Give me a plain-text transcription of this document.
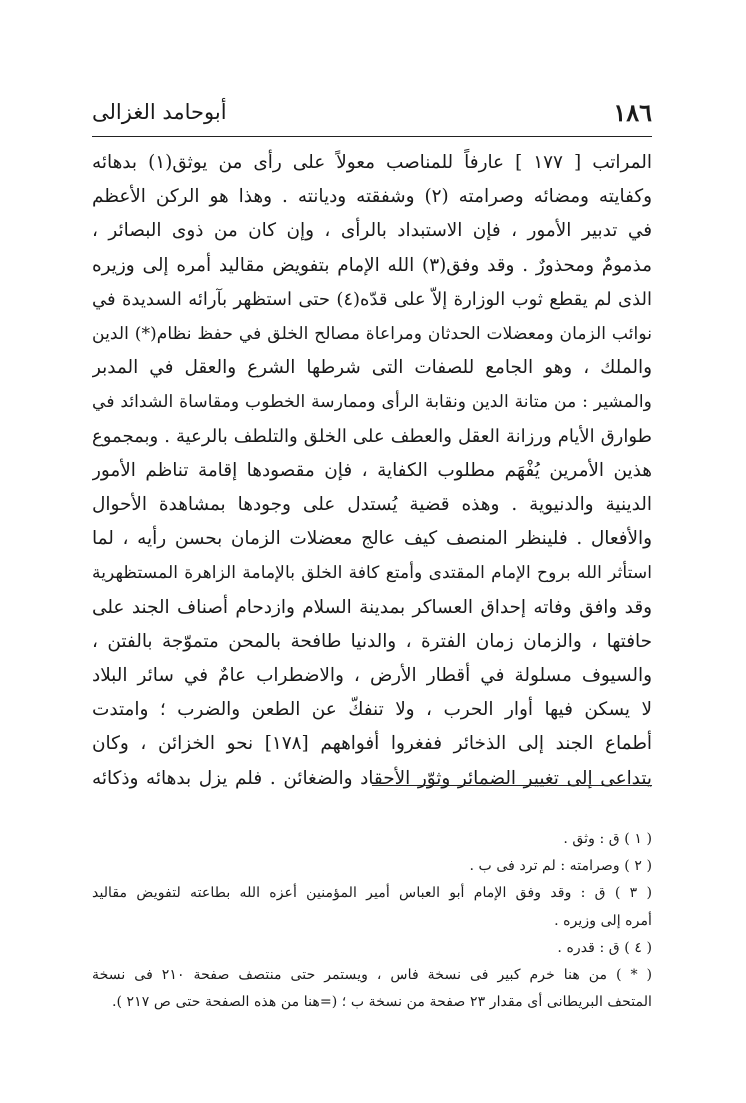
١٨٦
أبوحامد الغزالى
المراتب [ ١٧٧ ] عارفاً للمناصب معولاً على رأى من يوثق(١) بدهائه
وكفايته ومضائه وصرامته (٢) وشفقته وديانته . وهذا هو الركن الأعظم
في تدبير الأمور ، فإن الاستبداد بالرأى ، وإن كان من ذوى البصائر ،
مذمومٌ ومحذورٌ . وقد وفق(٣) الله الإمام بتفويض مقاليد أمره إلى وزيره
الذى لم يقطع ثوب الوزارة إلاّ على قدّه(٤) حتى استظهر بآرائه السديدة في
نوائب الزمان ومعضلات الحدثان ومراعاة مصالح الخلق في حفظ نظام(*) الدين
والملك ، وهو الجامع للصفات التى شرطها الشرع والعقل في المدبر
والمشير : من متانة الدين ونقابة الرأى وممارسة الخطوب ومقاساة الشدائد في
طوارق الأيام ورزانة العقل والعطف على الخلق والتلطف بالرعية . وبمجموع
هذين الأمرين يُفْهَم مطلوب الكفاية ، فإن مقصودها إقامة تناظم الأمور
الدينية والدنيوية . وهذه قضية يُستدل على وجودها بمشاهدة الأحوال
والأفعال . فلينظر المنصف كيف عالج معضلات الزمان بحسن رأيه ، لما
استأثر الله بروح الإمام المقتدى وأمتع كافة الخلق بالإمامة الزاهرة المستظهرية
وقد وافق وفاته إحداق العساكر بمدينة السلام وازدحام أصناف الجند على
حافتها ، والزمان زمان الفترة ، والدنيا طافحة بالمحن متموّجة بالفتن ،
والسيوف مسلولة في أقطار الأرض ، والاضطراب عامٌ في سائر البلاد
لا يسكن فيها أوار الحرب ، ولا تنفكّ عن الطعن والضرب ؛ وامتدت
أطماع الجند إلى الذخائر ففغروا أفواههم [١٧٨] نحو الخزائن ، وكان
يتداعى إلى تغيير الضمائر وثوّر الأحقاد والضغائن . فلم يزل بدهائه وذكائه
( ١ ) ق : وثق .
( ٢ ) وصرامته : لم ترد فى ب .
( ٣ ) ق : وقد وفق الإمام أبو العباس أمير المؤمنين أعزه الله بطاعته لتفويض مقاليد
أمره إلى وزيره .
( ٤ ) ق : قدره .
( * ) من هنا خرم كبير فى نسخة فاس ، ويستمر حتى منتصف صفحة ٢١٠ فى نسخة
المتحف البريطانى أى مقدار ٢٣ صفحة من نسخة ب ؛ (=هنا من هذه الصفحة حتى ص ٢١٧ ).
